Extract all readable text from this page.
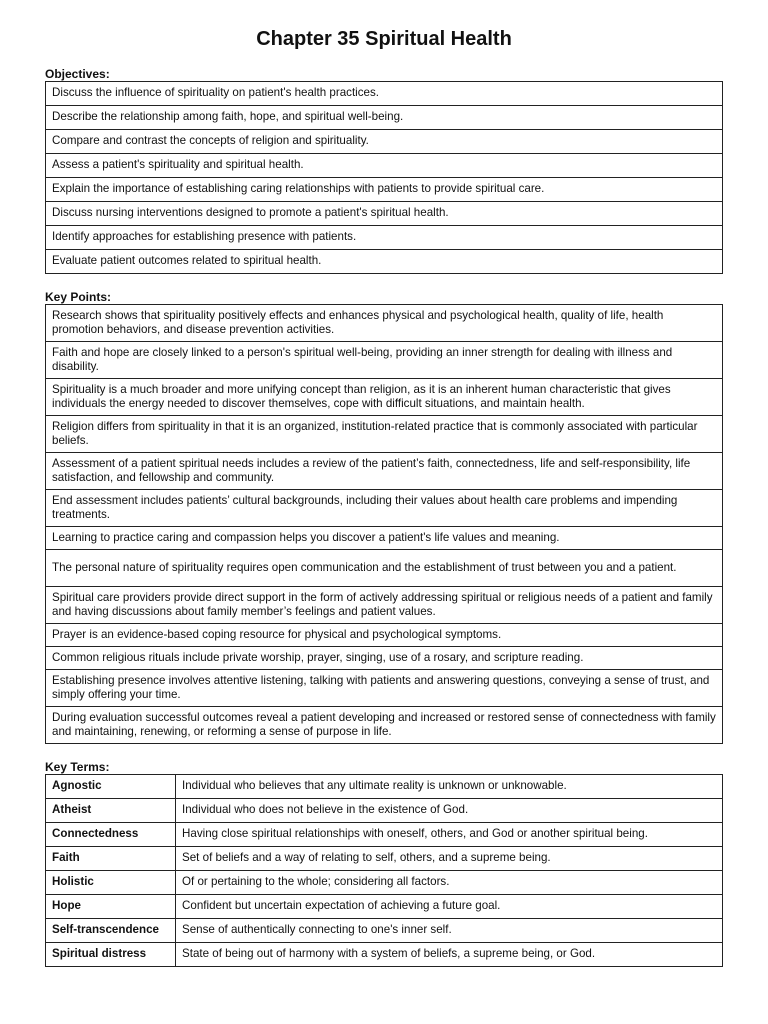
Chapter 35 Spiritual Health
Objectives:
Discuss the influence of spirituality on patient's health practices.
Describe the relationship among faith, hope, and spiritual well-being.
Compare and contrast the concepts of religion and spirituality.
Assess a patient's spirituality and spiritual health.
Explain the importance of establishing caring relationships with patients to provide spiritual care.
Discuss nursing interventions designed to promote a patient's spiritual health.
Identify approaches for establishing presence with patients.
Evaluate patient outcomes related to spiritual health.
Key Points:
Research shows that spirituality positively effects and enhances physical and psychological health, quality of life, health promotion behaviors, and disease prevention activities.
Faith and hope are closely linked to a person's spiritual well-being, providing an inner strength for dealing with illness and disability.
Spirituality is a much broader and more unifying concept than religion, as it is an inherent human characteristic that gives individuals the energy needed to discover themselves, cope with difficult situations, and maintain health.
Religion differs from spirituality in that it is an organized, institution-related practice that is commonly associated with particular beliefs.
Assessment of a patient spiritual needs includes a review of the patient’s faith, connectedness, life and self-responsibility, life satisfaction, and fellowship and community.
End assessment includes patients’ cultural backgrounds, including their values about health care problems and impending treatments.
Learning to practice caring and compassion helps you discover a patient's life values and meaning.
The personal nature of spirituality requires open communication and the establishment of trust between you and a patient.
Spiritual care providers provide direct support in the form of actively addressing spiritual or religious needs of a patient and family and having discussions about family member’s feelings and patient values.
Prayer is an evidence-based coping resource for physical and psychological symptoms.
Common religious rituals include private worship, prayer, singing, use of a rosary, and scripture reading.
Establishing presence involves attentive listening, talking with patients and answering questions, conveying a sense of trust, and simply offering your time.
During evaluation successful outcomes reveal a patient developing and increased or restored sense of connectedness with family and maintaining, renewing, or reforming a sense of purpose in life.
Key Terms:
Agnostic	Individual who believes that any ultimate reality is unknown or unknowable.
Atheist	Individual who does not believe in the existence of God.
Connectedness	Having close spiritual relationships with oneself, others, and God or another spiritual being.
Faith	Set of beliefs and a way of relating to self, others, and a supreme being.
Holistic	Of or pertaining to the whole; considering all factors.
Hope	Confident but uncertain expectation of achieving a future goal.
Self-transcendence	Sense of authentically connecting to one's inner self.
Spiritual distress	State of being out of harmony with a system of beliefs, a supreme being, or God.
